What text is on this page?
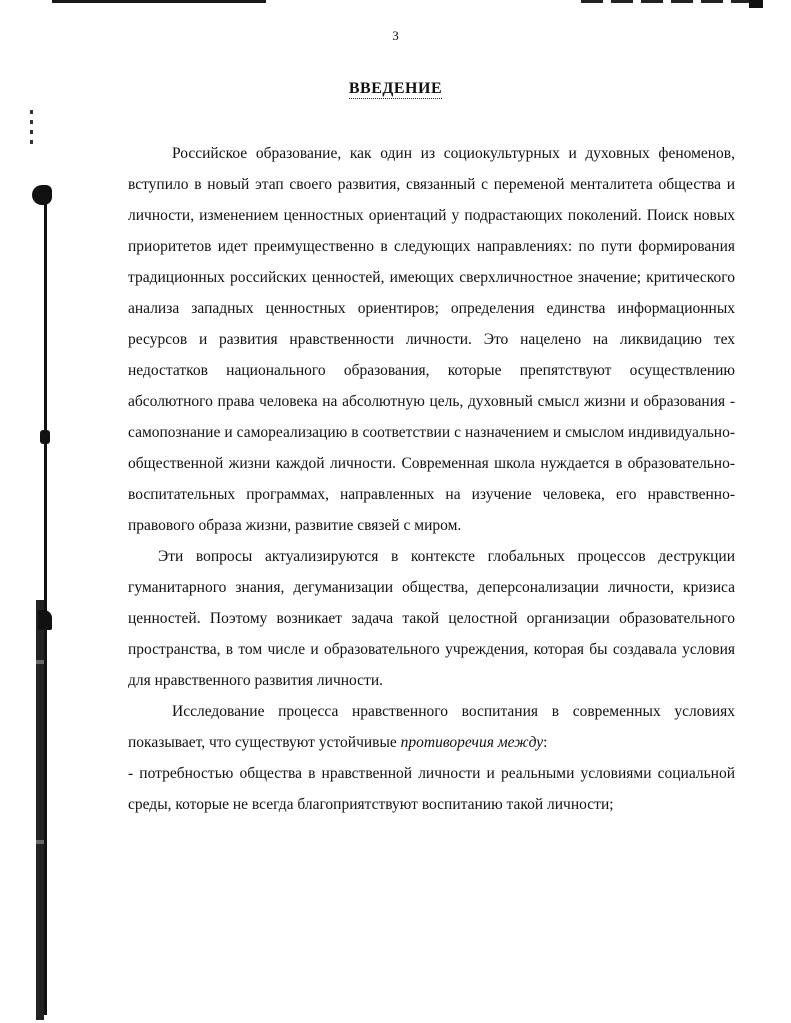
3
ВВЕДЕНИЕ

Российское образование, как один из социокультурных и духовных феноменов, вступило в новый этап своего развития, связанный с переменой менталитета общества и личности, изменением ценностных ориентаций у подрастающих поколений. Поиск новых приоритетов идет преимущественно в следующих направлениях: по пути формирования традиционных российских ценностей, имеющих сверхличностное значение; критического анализа западных ценностных ориентиров; определения единства информационных ресурсов и развития нравственности личности. Это нацелено на ликвидацию тех недостатков национального образования, которые препятствуют осуществлению абсолютного права человека на абсолютную цель, духовный смысл жизни и образования - самопознание и самореализацию в соответствии с назначением и смыслом индивидуально-общественной жизни каждой личности. Современная школа нуждается в образовательно-воспитательных программах, направленных на изучение человека, его нравственно-правового образа жизни, развитие связей с миром.

Эти вопросы актуализируются в контексте глобальных процессов деструкции гуманитарного знания, дегуманизации общества, деперсонализации личности, кризиса ценностей. Поэтому возникает задача такой целостной организации образовательного пространства, в том числе и образовательного учреждения, которая бы создавала условия для нравственного развития личности.

Исследование процесса нравственного воспитания в современных условиях показывает, что существуют устойчивые противоречия между:

- потребностью общества в нравственной личности и реальными условиями социальной среды, которые не всегда благоприятствуют воспитанию такой личности;
